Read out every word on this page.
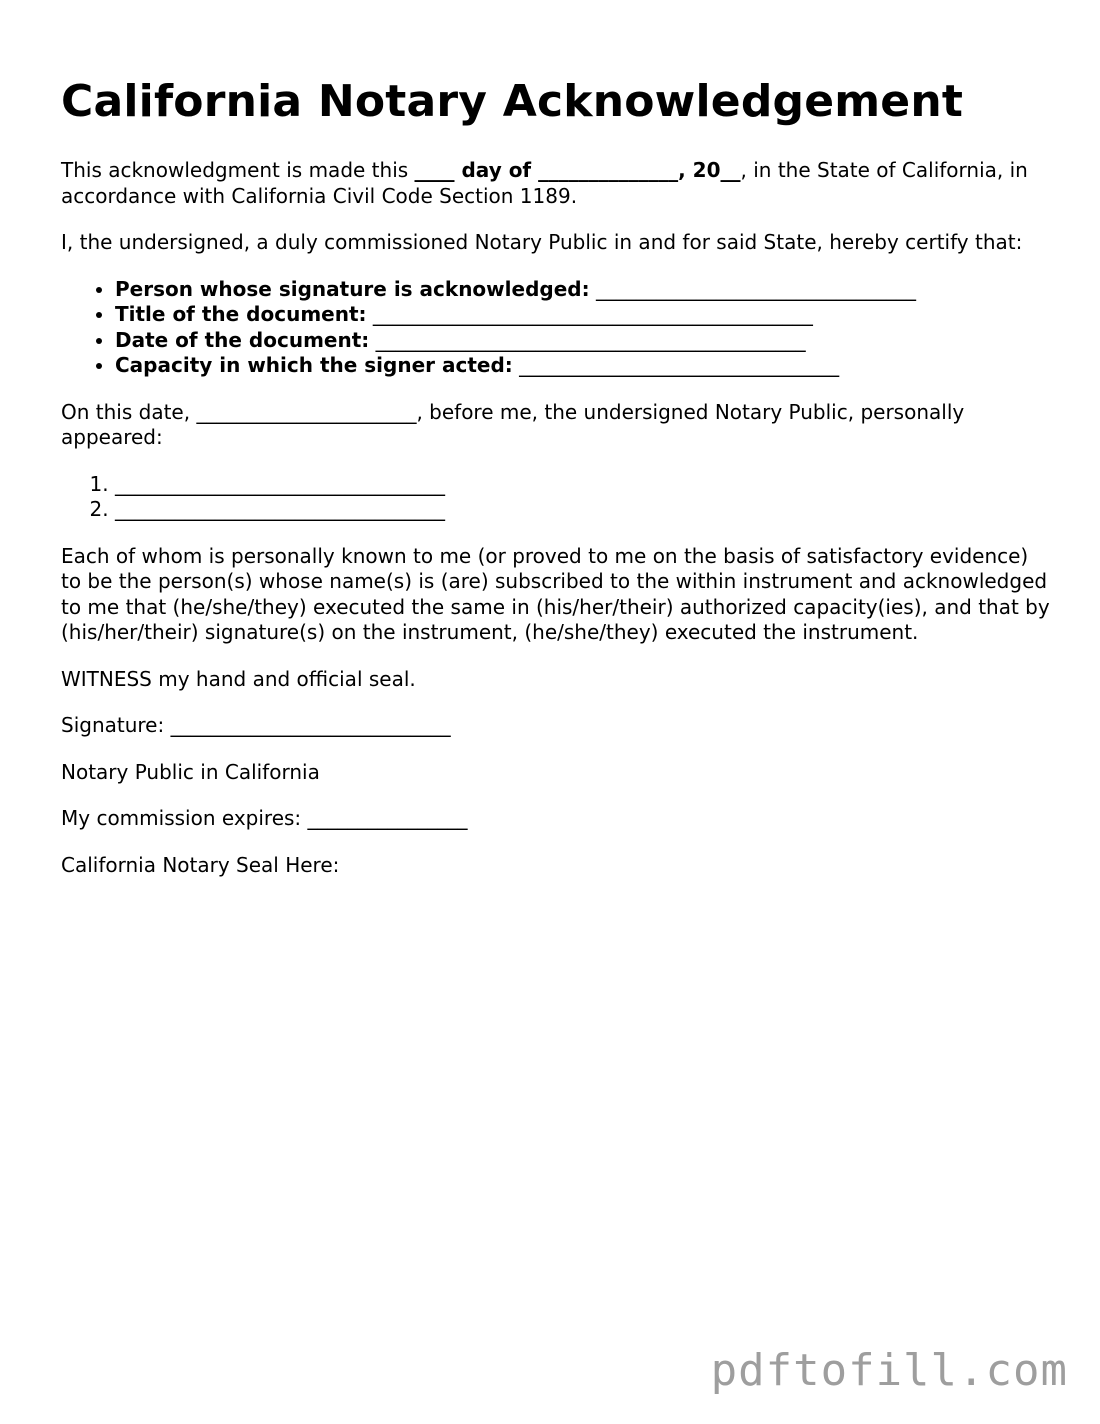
California Notary Acknowledgement

This acknowledgment is made this ____ day of ______________, 20__, in the State of California, in accordance with California Civil Code Section 1189.

I, the undersigned, a duly commissioned Notary Public in and for said State, hereby certify that:

• Person whose signature is acknowledged: ________________________________
• Title of the document: ____________________________________________
• Date of the document: ___________________________________________
• Capacity in which the signer acted: ________________________________

On this date, ______________________, before me, the undersigned Notary Public, personally appeared:

1. _________________________________
2. _________________________________

Each of whom is personally known to me (or proved to me on the basis of satisfactory evidence) to be the person(s) whose name(s) is (are) subscribed to the within instrument and acknowledged to me that (he/she/they) executed the same in (his/her/their) authorized capacity(ies), and that by (his/her/their) signature(s) on the instrument, (he/she/they) executed the instrument.

WITNESS my hand and official seal.

Signature: ____________________________

Notary Public in California

My commission expires: ________________

California Notary Seal Here:

pdftofill.com
